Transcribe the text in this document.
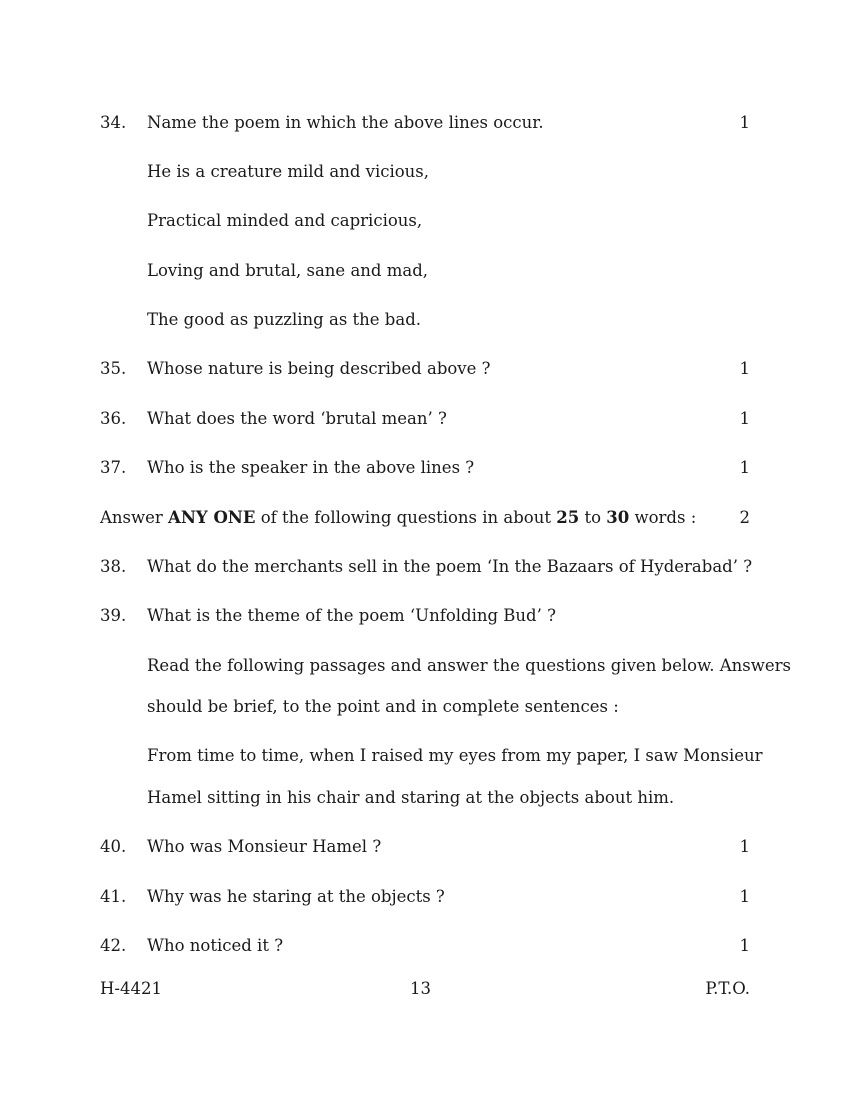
34. Name the poem in which the above lines occur.	1
He is a creature mild and vicious,
Practical minded and capricious,
Loving and brutal, sane and mad,
The good as puzzling as the bad.
35. Whose nature is being described above ?	1
36. What does the word ‘brutal mean’ ?	1
37. Who is the speaker in the above lines ?	1
Answer ANY ONE of the following questions in about 25 to 30 words :	2
38. What do the merchants sell in the poem ‘In the Bazaars of Hyderabad’ ?
39. What is the theme of the poem ‘Unfolding Bud’ ?
Read the following passages and answer the questions given below. Answers
should be brief, to the point and in complete sentences :
From time to time, when I raised my eyes from my paper, I saw Monsieur
Hamel sitting in his chair and staring at the objects about him.
40. Who was Monsieur Hamel ?	1
41. Why was he staring at the objects ?	1
42. Who noticed it ?	1
H-4421	13	P.T.O.
